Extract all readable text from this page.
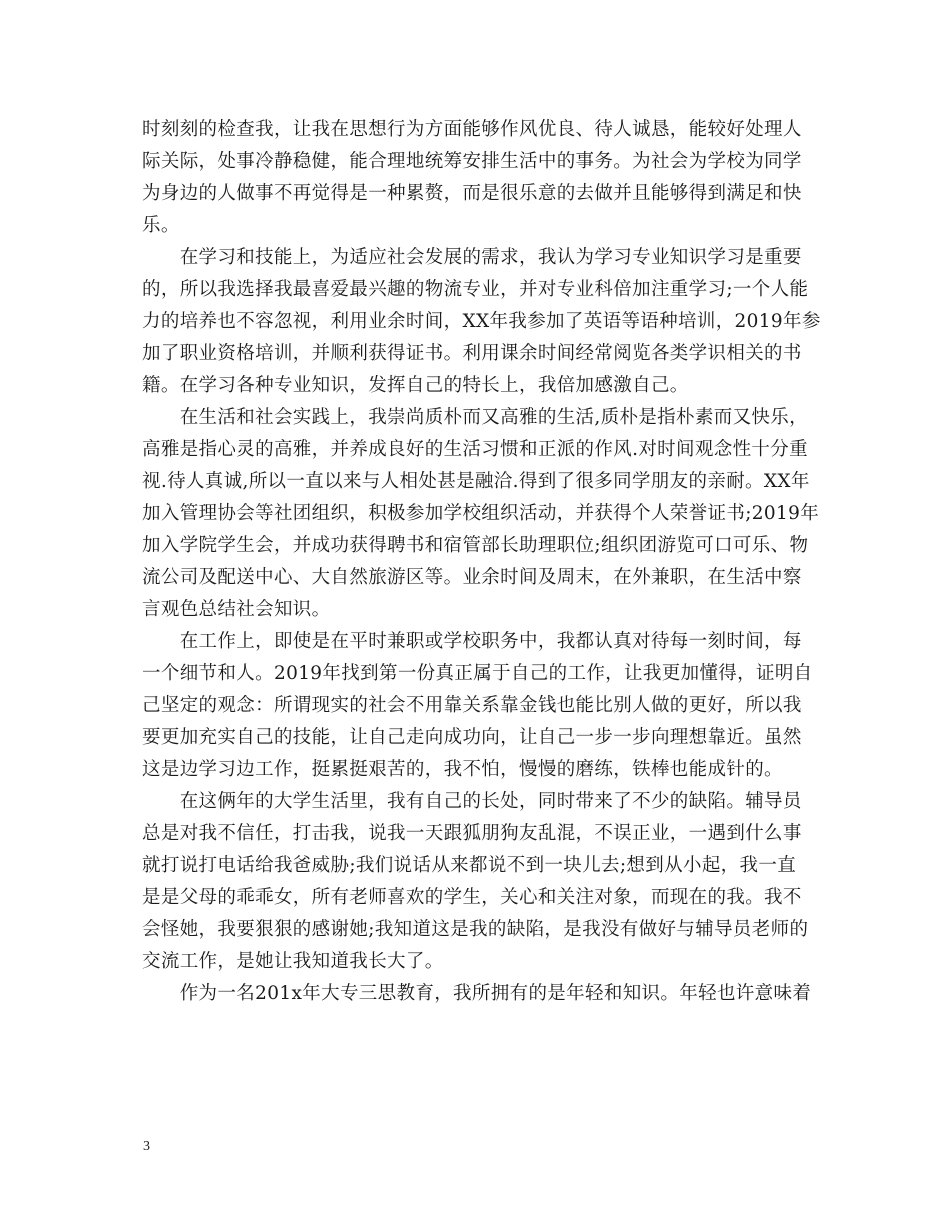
时刻刻的检查我，让我在思想行为方面能够作风优良、待人诚恳，能较好处理人
际关际，处事冷静稳健，能合理地统筹安排生活中的事务。为社会为学校为同学
为身边的人做事不再觉得是一种累赘，而是很乐意的去做并且能够得到满足和快
乐。
　　在学习和技能上，为适应社会发展的需求，我认为学习专业知识学习是重要
的，所以我选择我最喜爱最兴趣的物流专业，并对专业科倍加注重学习;一个人能
力的培养也不容忽视，利用业余时间，XX年我参加了英语等语种培训，2019年参
加了职业资格培训，并顺利获得证书。利用课余时间经常阅览各类学识相关的书
籍。在学习各种专业知识，发挥自己的特长上，我倍加感激自己。
　　在生活和社会实践上，我崇尚质朴而又高雅的生活,质朴是指朴素而又快乐，
高雅是指心灵的高雅，并养成良好的生活习惯和正派的作风.对时间观念性十分重
视.待人真诚,所以一直以来与人相处甚是融洽.得到了很多同学朋友的亲耐。XX年
加入管理协会等社团组织，积极参加学校组织活动，并获得个人荣誉证书;2019年
加入学院学生会，并成功获得聘书和宿管部长助理职位;组织团游览可口可乐、物
流公司及配送中心、大自然旅游区等。业余时间及周末，在外兼职，在生活中察
言观色总结社会知识。
　　在工作上，即使是在平时兼职或学校职务中，我都认真对待每一刻时间，每
一个细节和人。2019年找到第一份真正属于自己的工作，让我更加懂得，证明自
己坚定的观念：所谓现实的社会不用靠关系靠金钱也能比别人做的更好，所以我
要更加充实自己的技能，让自己走向成功向，让自己一步一步向理想靠近。虽然
这是边学习边工作，挺累挺艰苦的，我不怕，慢慢的磨练，铁棒也能成针的。
　　在这俩年的大学生活里，我有自己的长处，同时带来了不少的缺陷。辅导员
总是对我不信任，打击我，说我一天跟狐朋狗友乱混，不误正业，一遇到什么事
就打说打电话给我爸威胁;我们说话从来都说不到一块儿去;想到从小起，我一直
是是父母的乖乖女，所有老师喜欢的学生，关心和关注对象，而现在的我。我不
会怪她，我要狠狠的感谢她;我知道这是我的缺陷，是我没有做好与辅导员老师的
交流工作，是她让我知道我长大了。
　　作为一名201x年大专三思教育，我所拥有的是年轻和知识。年轻也许意味着
3
